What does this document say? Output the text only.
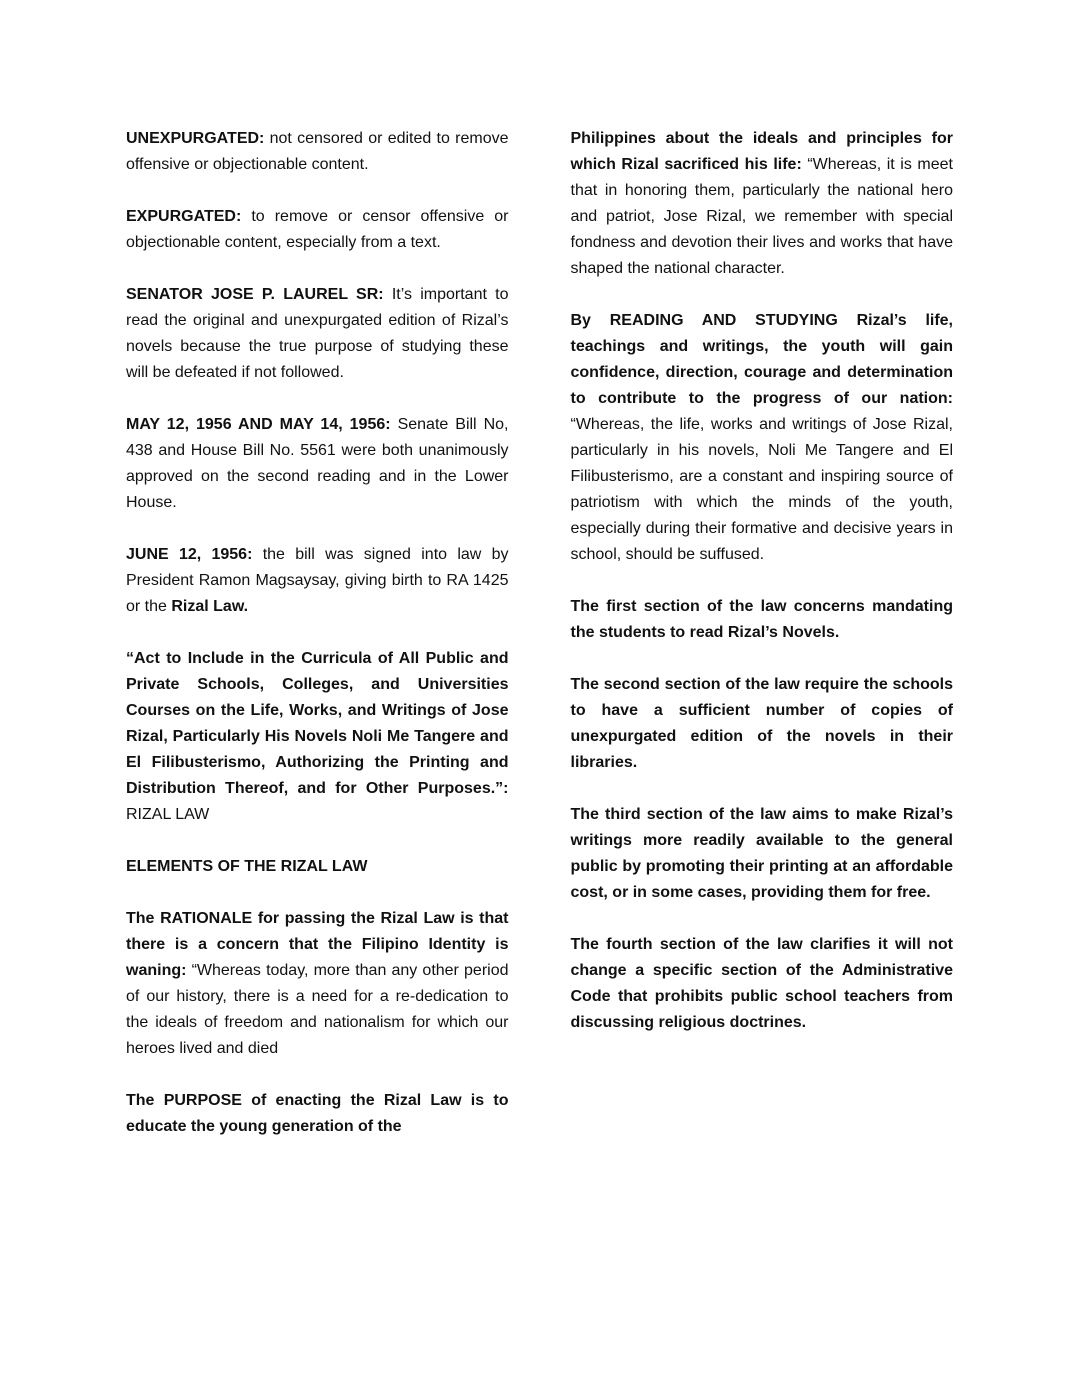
UNEXPURGATED: not censored or edited to remove offensive or objectionable content.

EXPURGATED: to remove or censor offensive or objectionable content, especially from a text.

SENATOR JOSE P. LAUREL SR: It’s important to read the original and unexpurgated edition of Rizal’s novels because the true purpose of studying these will be defeated if not followed.

MAY 12, 1956 AND MAY 14, 1956: Senate Bill No, 438 and House Bill No. 5561 were both unanimously approved on the second reading and in the Lower House.

JUNE 12, 1956: the bill was signed into law by President Ramon Magsaysay, giving birth to RA 1425 or the Rizal Law.

“Act to Include in the Curricula of All Public and Private Schools, Colleges, and Universities Courses on the Life, Works, and Writings of Jose Rizal, Particularly His Novels Noli Me Tangere and El Filibusterismo, Authorizing the Printing and Distribution Thereof, and for Other Purposes.”: RIZAL LAW

ELEMENTS OF THE RIZAL LAW

The RATIONALE for passing the Rizal Law is that there is a concern that the Filipino Identity is waning: “Whereas today, more than any other period of our history, there is a need for a re-dedication to the ideals of freedom and nationalism for which our heroes lived and died

The PURPOSE of enacting the Rizal Law is to educate the young generation of the

Philippines about the ideals and principles for which Rizal sacrificed his life: “Whereas, it is meet that in honoring them, particularly the national hero and patriot, Jose Rizal, we remember with special fondness and devotion their lives and works that have shaped the national character.

By READING AND STUDYING Rizal’s life, teachings and writings, the youth will gain confidence, direction, courage and determination to contribute to the progress of our nation: “Whereas, the life, works and writings of Jose Rizal, particularly in his novels, Noli Me Tangere and El Filibusterismo, are a constant and inspiring source of patriotism with which the minds of the youth, especially during their formative and decisive years in school, should be suffused.

The first section of the law concerns mandating the students to read Rizal’s Novels.

The second section of the law require the schools to have a sufficient number of copies of unexpurgated edition of the novels in their libraries.

The third section of the law aims to make Rizal’s writings more readily available to the general public by promoting their printing at an affordable cost, or in some cases, providing them for free.

The fourth section of the law clarifies it will not change a specific section of the Administrative Code that prohibits public school teachers from discussing religious doctrines.
